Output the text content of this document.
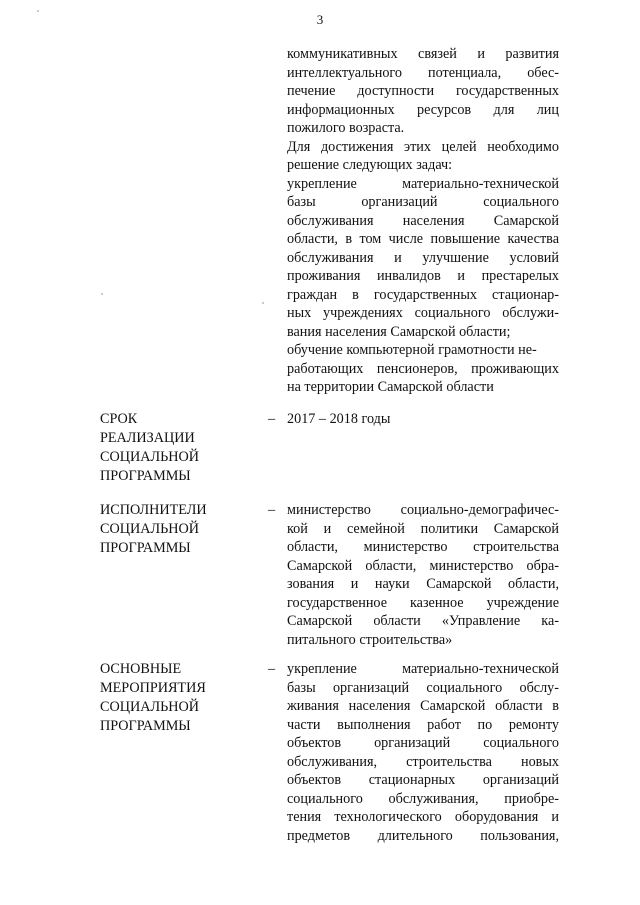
3
коммуникативных связей и развития
интеллектуального потенциала, обес-
печение доступности государственных
информационных ресурсов для лиц
пожилого возраста.
Для достижения этих целей необходимо
решение следующих задач:
укрепление материально-технической
базы организаций социального
обслуживания населения Самарской
области, в том числе повышение качества
обслуживания и улучшение условий
проживания инвалидов и престарелых
граждан в государственных стационар-
ных учреждениях социального обслужи-
вания населения Самарской области;
обучение компьютерной грамотности не-
работающих пенсионеров, проживающих
на территории Самарской области
СРОК
РЕАЛИЗАЦИИ
СОЦИАЛЬНОЙ
ПРОГРАММЫ
– 2017 – 2018 годы
ИСПОЛНИТЕЛИ
СОЦИАЛЬНОЙ
ПРОГРАММЫ
– министерство социально-демографичес-
кой и семейной политики Самарской
области, министерство строительства
Самарской области, министерство обра-
зования и науки Самарской области,
государственное казенное учреждение
Самарской области «Управление ка-
питального строительства»
ОСНОВНЫЕ
МЕРОПРИЯТИЯ
СОЦИАЛЬНОЙ
ПРОГРАММЫ
– укрепление материально-технической
базы организаций социального обслу-
живания населения Самарской области в
части выполнения работ по ремонту
объектов организаций социального
обслуживания, строительства новых
объектов стационарных организаций
социального обслуживания, приобре-
тения технологического оборудования и
предметов длительного пользования,
